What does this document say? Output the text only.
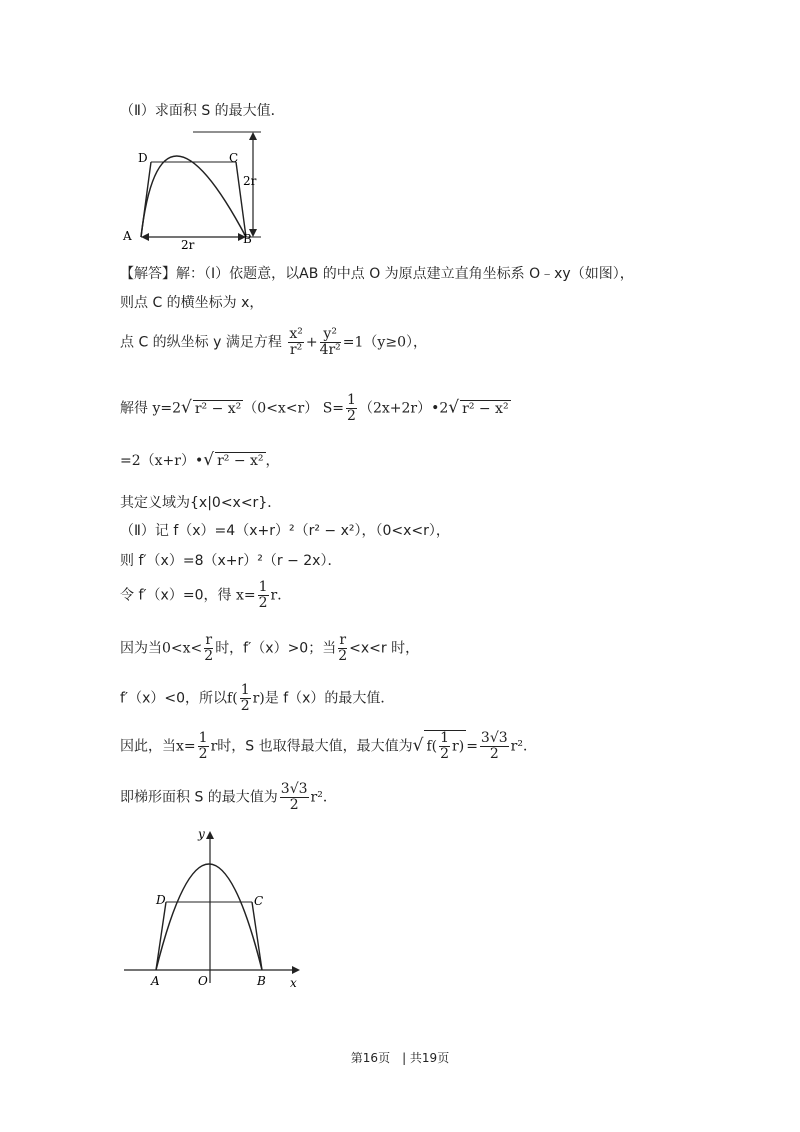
（Ⅱ）求面积 S 的最大值．
A	B
C
D
2r
2r
【解答】解：（Ⅰ）依题意，以AB 的中点 O 为原点建立直角坐标系 O﹣xy（如图），
则点 C 的横坐标为 x，
点 C 的纵坐标 y 满足方程 $\frac{\text{x²}}{\text{r²}} + \frac{\text{y²}}{\text{4r²}} =1(y\ge 0)$，
解得 y=2√ r² − x² （0<x<r） $S= \frac{1}{2}$ （2x+2r）•2√ r² − x²
=2（x+r）•√ r² − x² ，
其定义域为{x|0<x<r}．
（Ⅱ）记 f（x）=4（x+r）²（r² − x²），（0<x<r），
则 f′（x）=8（x+r）²（r − 2x）．
令 f′（x）=0，得 $x= \frac{1}{2}$ r．
因为当$0<x< \frac{r}{2}$ 时，f′（x）>0；当 $\frac{r}{2} <x<r$ 时，
f′（x）<0，所以$f( \frac{1}{2} r)$是 f（x）的最大值．
因此，当$x= \frac{1}{2}$ r时，S 也取得最大值，最大值为√ $f( \frac{1}{2} r) = \frac{3√3}{2} r^2$．
即梯形面积 S 的最大值为 $\frac{3√3}{2} r^2$．
y
x
O
A	B
C
D
第16页　| 共19页
